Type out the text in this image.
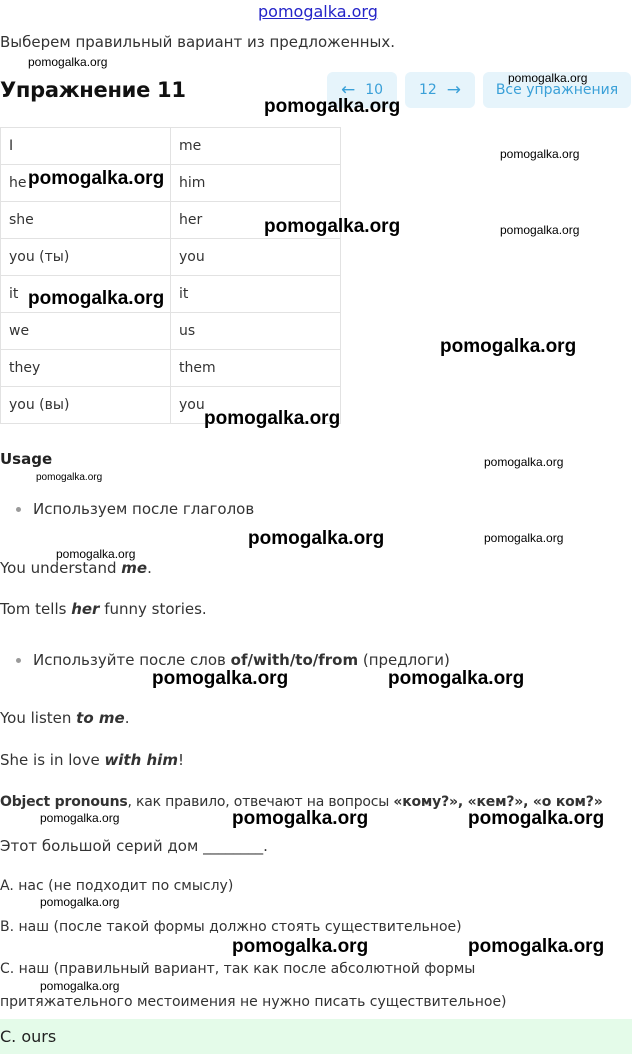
pomogalka.org
Выберем правильный вариант из предложенных.
Упражнение 11	← 10	12 → Все упражнения
I	me
he	him
she	her
you (ты)	you
it	it
we	us
they	them
you (вы)	you
Usage
Используем после глаголов
You understand me.
Tom tells her funny stories.
Используйте после слов of/with/to/from (предлоги)
You listen to me.
She is in love with him!
Object pronouns, как правило, отвечают на вопросы «кому?», «кем?», «о ком?»
Этот большой серий дом ________.
A. нас (не подходит по смыслу)
B. наш (после такой формы должно стоять существительное)
C. наш (правильный вариант, так как после абсолютной формы
притяжательного местоимения не нужно писать существительное)
C. ours
pomogalka.org
pomogalka.org
pomogalka.org
pomogalka.org
pomogalka.org
pomogalka.org	pomogalka.org
pomogalka.org
pomogalka.org
pomogalka.org
pomogalka.org
pomogalka.org
pomogalka.org	pomogalka.org
pomogalka.org
pomogalka.org	pomogalka.org
pomogalka.org	pomogalka.org	pomogalka.org
pomogalka.org
pomogalka.org	pomogalka.org
pomogalka.org
